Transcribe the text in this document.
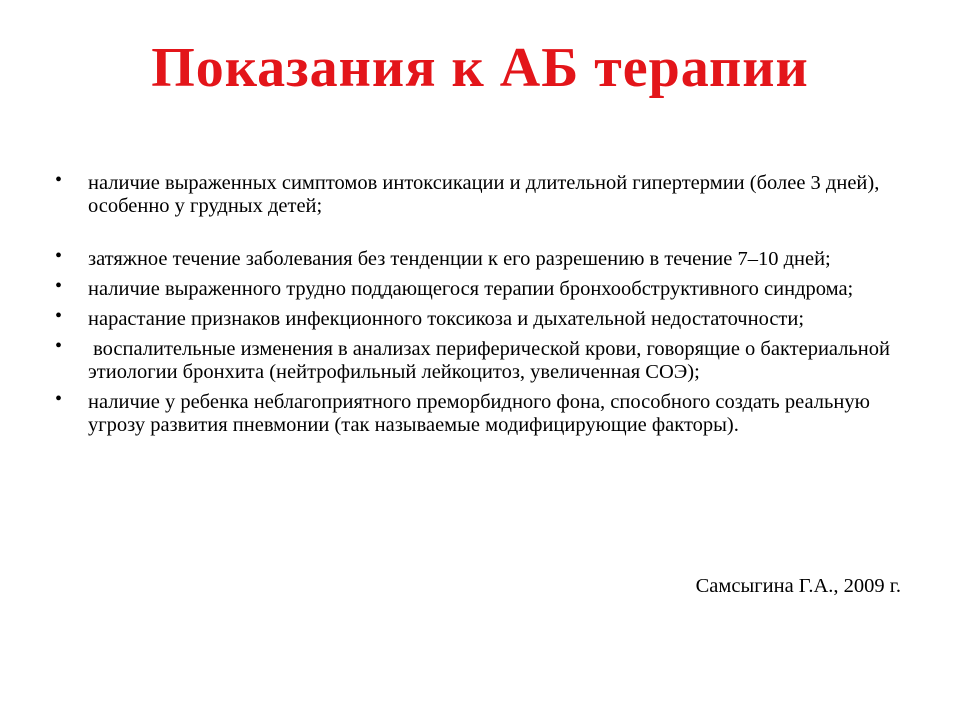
Показания к АБ терапии
•	наличие выраженных симптомов интоксикации и длительной гипертермии (более 3 дней), особенно у грудных детей;
•	затяжное течение заболевания без тенденции к его разрешению в течение 7–10 дней;
•	наличие выраженного трудно поддающегося терапии бронхообструктивного синдрома;
•	нарастание признаков инфекционного токсикоза и дыхательной недостаточности;
•	воспалительные изменения в анализах периферической крови, говорящие о бактериальной этиологии бронхита (нейтрофильный лейкоцитоз, увеличенная СОЭ);
•	наличие у ребенка неблагоприятного преморбидного фона, способного создать реальную угрозу развития пневмонии (так называемые модифицирующие факторы).
Самсыгина Г.А., 2009 г.
